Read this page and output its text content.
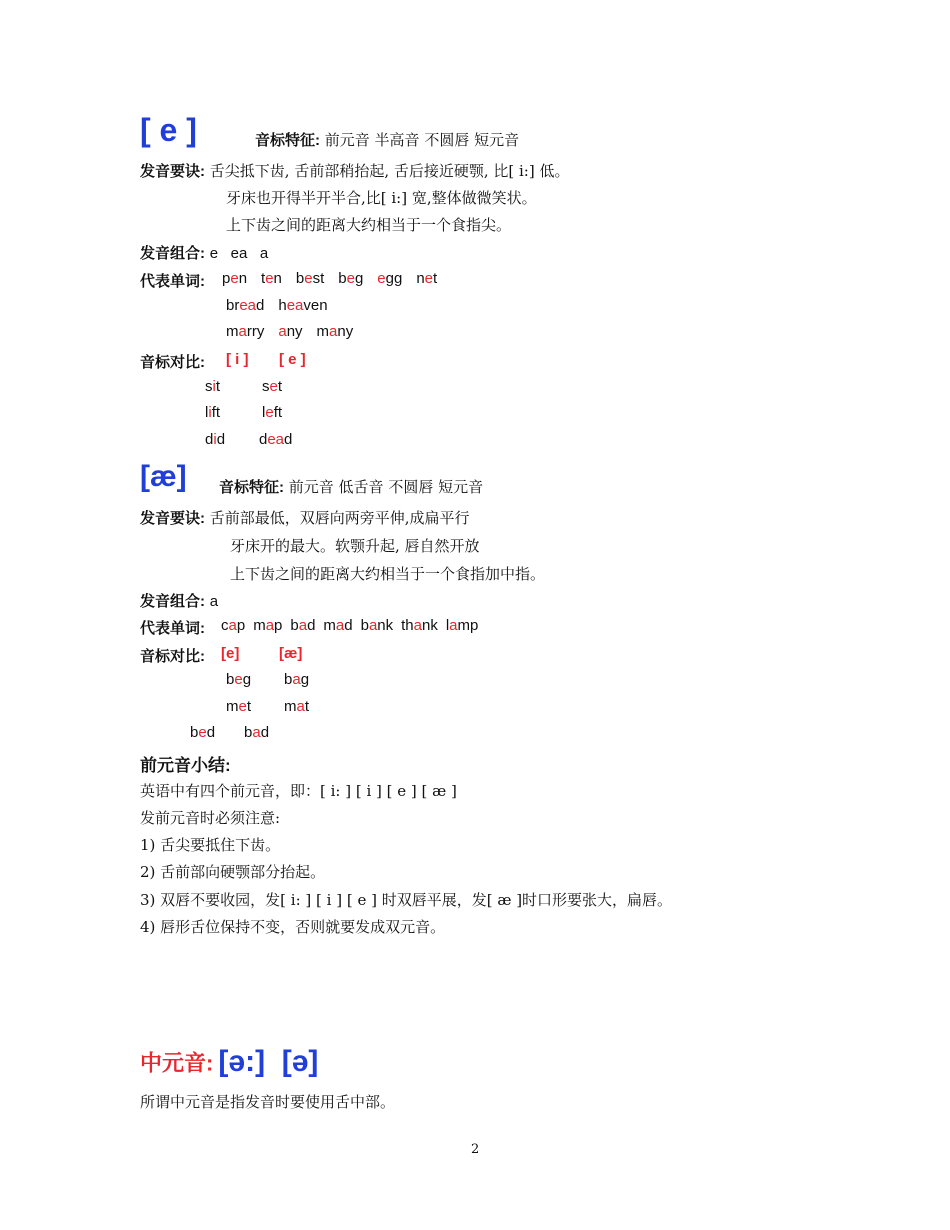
[ e ]	音标特征: 前元音 半高音 不圆唇 短元音
发音要诀: 舌尖抵下齿, 舌前部稍抬起, 舌后接近硬颚, 比[ i:] 低。
牙床也开得半开半合,比[ i:] 宽,整体做微笑状。
上下齿之间的距离大约相当于一个食指尖。
发音组合: e   ea   a
代表单词: pen ten best beg egg net
bread heaven
marry any many
音标对比: [ i ] [ e ]
sit	set
lift	left
did dead
[æ] 音标特征: 前元音 低舌音 不圆唇 短元音
发音要诀: 舌前部最低，双唇向两旁平伸,成扁平行
牙床开的最大。软颚升起, 唇自然开放
上下齿之间的距离大约相当于一个食指加中指。
发音组合: a
代表单词: cap map bad mad bank thank lamp
音标对比: [e]	[æ]
beg bag
met mat
bed bad
前元音小结:
英语中有四个前元音，即：[ i: ] [ i ] [ e ] [ æ ]
发前元音时必须注意:
1) 舌尖要抵住下齿。
2) 舌前部向硬颚部分抬起。
3) 双唇不要收园，发[ i: ] [ i ] [ e ] 时双唇平展，发[ æ ]时口形要张大，扁唇。
4) 唇形舌位保持不变，否则就要发成双元音。
中元音: [ə:]  [ə]
所谓中元音是指发音时要使用舌中部。
2
